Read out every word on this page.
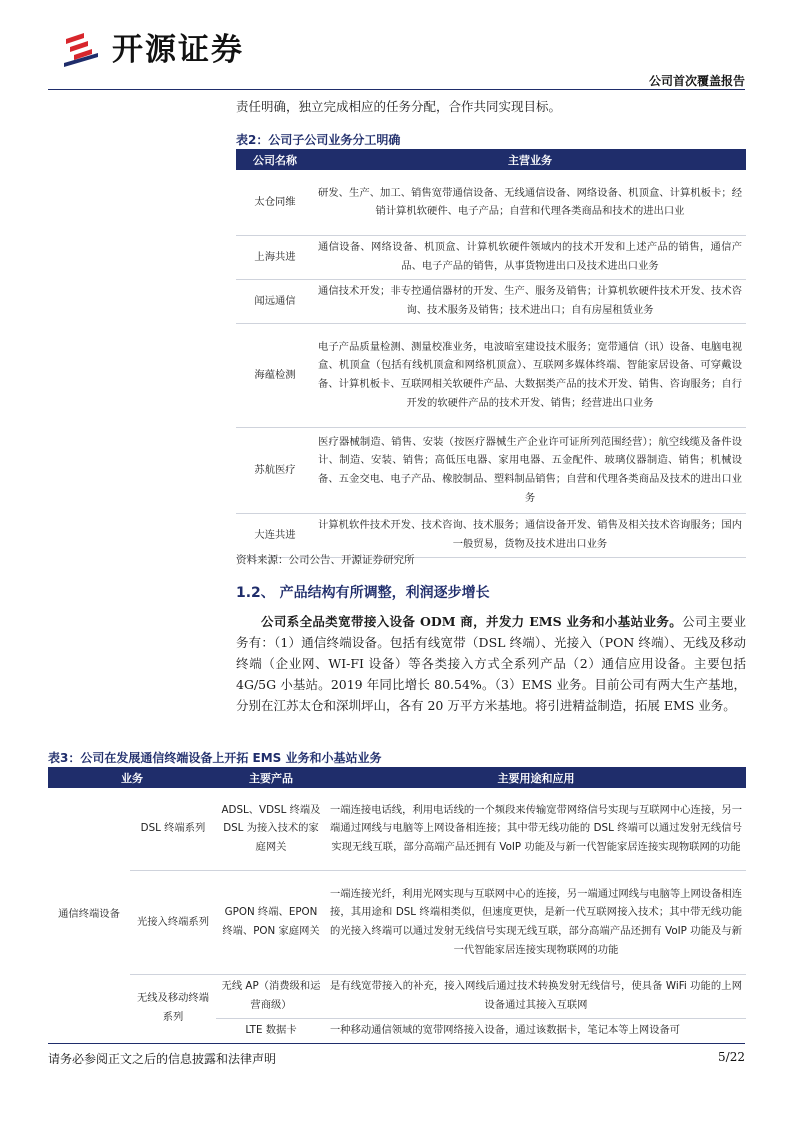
开源证券
公司首次覆盖报告
责任明确，独立完成相应的任务分配，合作共同实现目标。
表2：公司子公司业务分工明确
公司名称	主营业务
太仓同维	研发、生产、加工、销售宽带通信设备、无线通信设备、网络设备、机顶盒、计算机板卡；经销计算机软硬件、电子产品；自营和代理各类商品和技术的进出口业
上海共进	通信设备、网络设备、机顶盒、计算机软硬件领域内的技术开发和上述产品的销售，通信产品、电子产品的销售，从事货物进出口及技术进出口业务
闻远通信	通信技术开发；非专控通信器材的开发、生产、服务及销售；计算机软硬件技术开发、技术咨询、技术服务及销售；技术进出口；自有房屋租赁业务
海蕴检测	电子产品质量检测、测量校准业务，电波暗室建设技术服务；宽带通信（讯）设备、电脑电视盒、机顶盒（包括有线机顶盒和网络机顶盒）、互联网多媒体终端、智能家居设备、可穿戴设备、计算机板卡、互联网相关软硬件产品、大数据类产品的技术开发、销售、咨询服务；自行开发的软硬件产品的技术开发、销售；经营进出口业务
苏航医疗	医疗器械制造、销售、安装（按医疗器械生产企业许可证所列范围经营）；航空线缆及备件设计、制造、安装、销售；高低压电器、家用电器、五金配件、玻璃仪器制造、销售；机械设备、五金交电、电子产品、橡胶制品、塑料制品销售；自营和代理各类商品及技术的进出口业务
大连共进	计算机软件技术开发、技术咨询、技术服务；通信设备开发、销售及相关技术咨询服务；国内一般贸易，货物及技术进出口业务
资料来源：公司公告、开源证券研究所
1.2、 产品结构有所调整，利润逐步增长
公司系全品类宽带接入设备 ODM 商，并发力 EMS 业务和小基站业务。公司主要业务有：（1）通信终端设备。包括有线宽带（DSL 终端）、光接入（PON 终端）、无线及移动终端（企业网、WI-FI 设备）等各类接入方式全系列产品（2）通信应用设备。主要包括 4G/5G 小基站。2019 年同比增长 80.54%。（3）EMS 业务。目前公司有两大生产基地，分别在江苏太仓和深圳坪山，各有 20 万平方米基地。将引进精益制造，拓展 EMS 业务。
表3：公司在发展通信终端设备上开拓 EMS 业务和小基站业务
业务		主要产品	主要用途和应用
通信终端设备	DSL 终端系列	ADSL、VDSL 终端及 DSL 为接入技术的家庭网关	一端连接电话线，利用电话线的一个频段来传输宽带网络信号实现与互联网中心连接，另一端通过网线与电脑等上网设备相连接；其中带无线功能的 DSL 终端可以通过发射无线信号实现无线互联，部分高端产品还拥有 VoIP 功能及与新一代智能家居连接实现物联网的功能
	光接入终端系列	GPON 终端、EPON 终端、PON 家庭网关	一端连接光纤，利用光网实现与互联网中心的连接，另一端通过网线与电脑等上网设备相连接，其用途和 DSL 终端相类似，但速度更快，是新一代互联网接入技术；其中带无线功能的光接入终端可以通过发射无线信号实现无线互联，部分高端产品还拥有 VoIP 功能及与新一代智能家居连接实现物联网的功能
	无线及移动终端系列	无线 AP（消费级和运营商级）	是有线宽带接入的补充，接入网线后通过技术转换发射无线信号，使具备 WiFi 功能的上网设备通过其接入互联网
		LTE 数据卡	一种移动通信领域的宽带网络接入设备，通过该数据卡，笔记本等上网设备可
请务必参阅正文之后的信息披露和法律声明	5/22
